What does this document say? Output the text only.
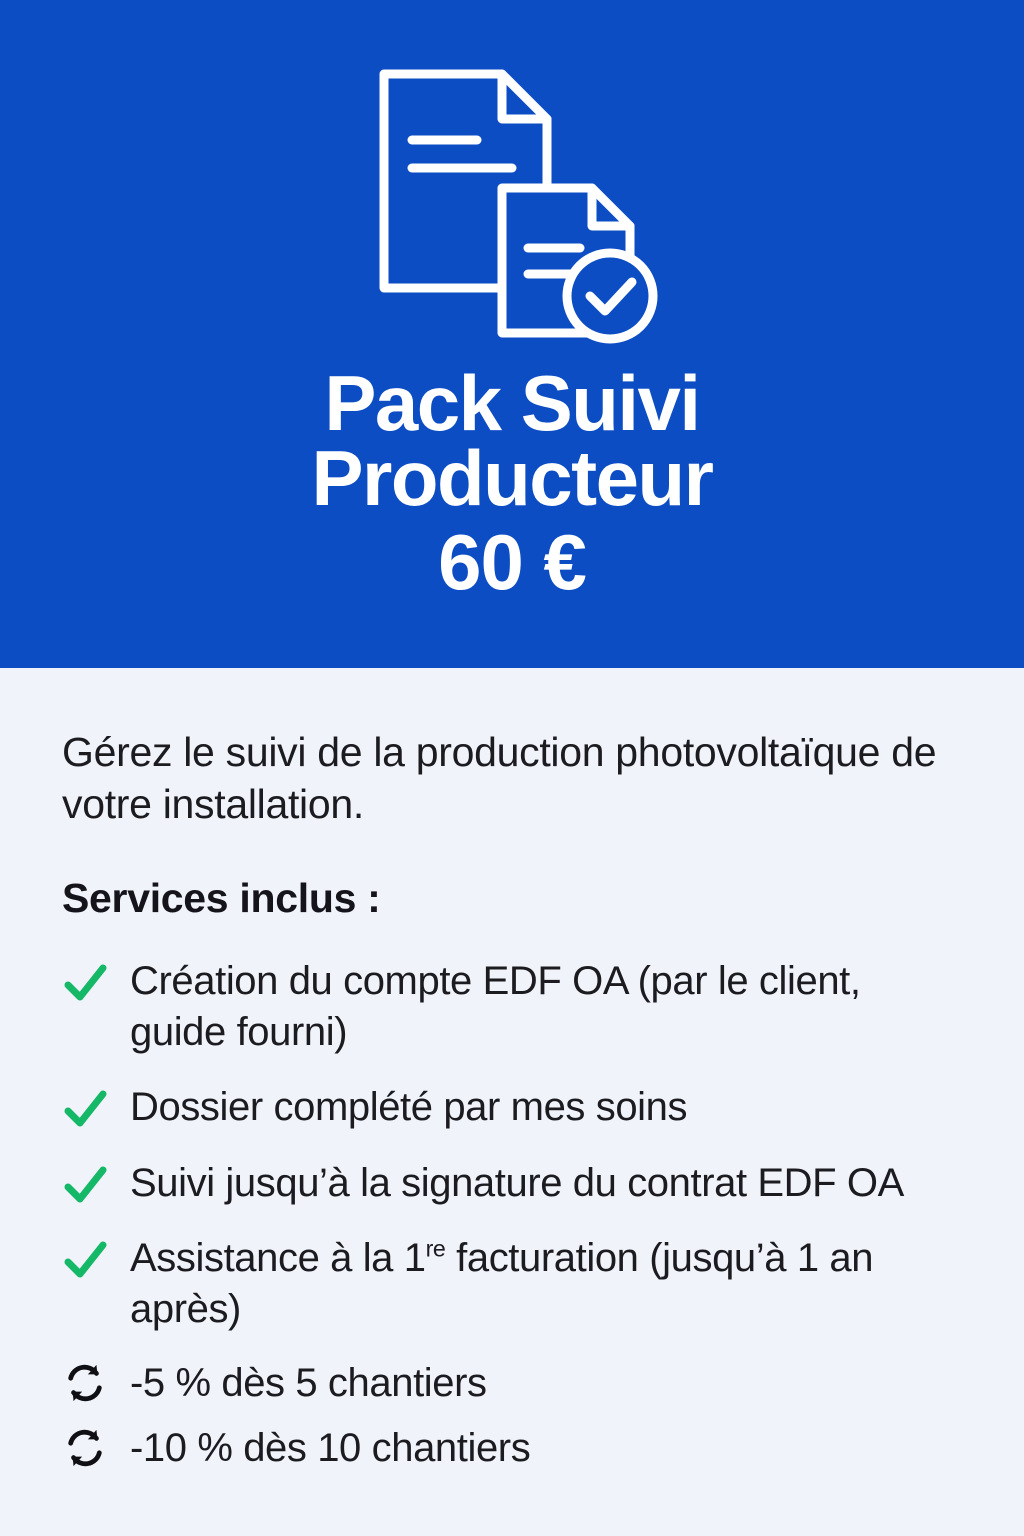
Pack Suivi
Producteur
60 €

Gérez le suivi de la production photovoltaïque de votre installation.

Services inclus :
Création du compte EDF OA (par le client, guide fourni)
Dossier complété par mes soins
Suivi jusqu’à la signature du contrat EDF OA
Assistance à la 1re facturation (jusqu’à 1 an après)
-5 % dès 5 chantiers
-10 % dès 10 chantiers
